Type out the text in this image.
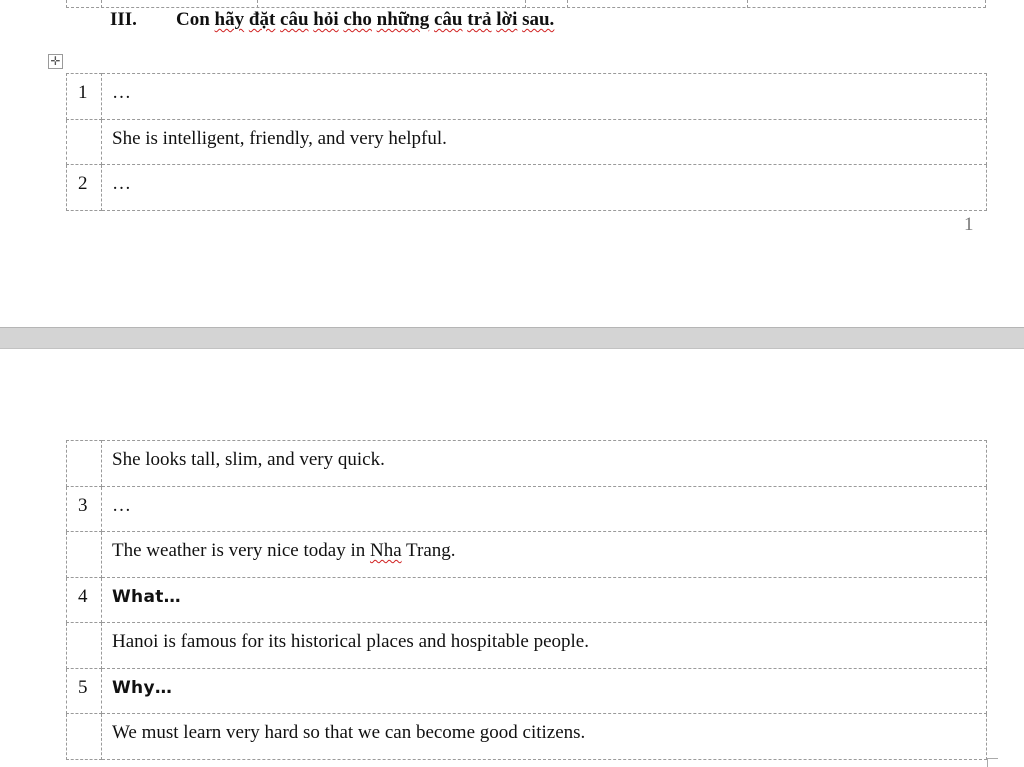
III. Con hãy đặt câu hỏi cho những câu trả lời sau.
✛
1	…
	She is intelligent, friendly, and very helpful.
2	…
1
	She looks tall, slim, and very quick.
3	…
	The weather is very nice today in Nha Trang.
4	What…
	Hanoi is famous for its historical places and hospitable people.
5	Why…
	We must learn very hard so that we can become good citizens.
